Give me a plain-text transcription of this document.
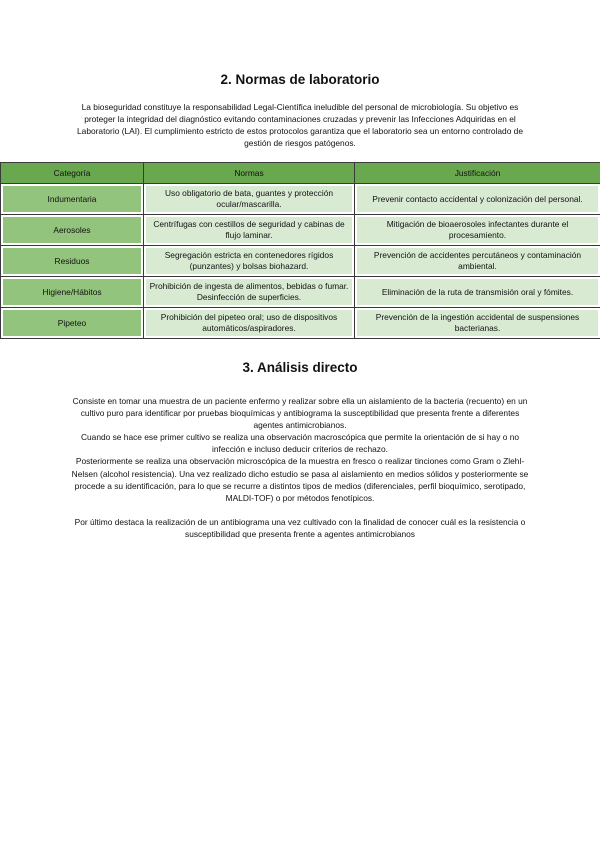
2. Normas de laboratorio

La bioseguridad constituye la responsabilidad Legal-Científica ineludible del personal de microbiología. Su objetivo es proteger la integridad del diagnóstico evitando contaminaciones cruzadas y prevenir las Infecciones Adquiridas en el Laboratorio (LAI). El cumplimiento estricto de estos protocolos garantiza que el laboratorio sea un entorno controlado de gestión de riesgos patógenos.

Categoría	Normas	Justificación
Indumentaria	Uso obligatorio de bata, guantes y protección ocular/mascarilla.	Prevenir contacto accidental y colonización del personal.
Aerosoles	Centrífugas con cestillos de seguridad y cabinas de flujo laminar.	Mitigación de bioaerosoles infectantes durante el procesamiento.
Residuos	Segregación estricta en contenedores rígidos (punzantes) y bolsas biohazard.	Prevención de accidentes percutáneos y contaminación ambiental.
Higiene/Hábitos	Prohibición de ingesta de alimentos, bebidas o fumar. Desinfección de superficies.	Eliminación de la ruta de transmisión oral y fómites.
Pipeteo	Prohibición del pipeteo oral; uso de dispositivos automáticos/aspiradores.	Prevención de la ingestión accidental de suspensiones bacterianas.
3. Análisis directo

Consiste en tomar una muestra de un paciente enfermo y realizar sobre ella un aislamiento de la bacteria (recuento) en un cultivo puro para identificar por pruebas bioquímicas y antibiograma la susceptibilidad que presenta frente a diferentes agentes antimicrobianos.

Cuando se hace ese primer cultivo se realiza una observación macroscópica que permite la orientación de si hay o no infección e incluso deducir criterios de rechazo.

Posteriormente se realiza una observación microscópica de la muestra en fresco o realizar tinciones como Gram o Zlehl-Nelsen (alcohol resistencia). Una vez realizado dicho estudio se pasa al aislamiento en medios sólidos y posteriormente se procede a su identificación, para lo que se recurre a distintos tipos de medios (diferenciales, perfil bioquímico, serotipado, MALDI-TOF) o por métodos fenotípicos.

Por último destaca la realización de un antibiograma una vez cultivado con la finalidad de conocer cuál es la resistencia o susceptibilidad que presenta frente a agentes antimicrobianos
